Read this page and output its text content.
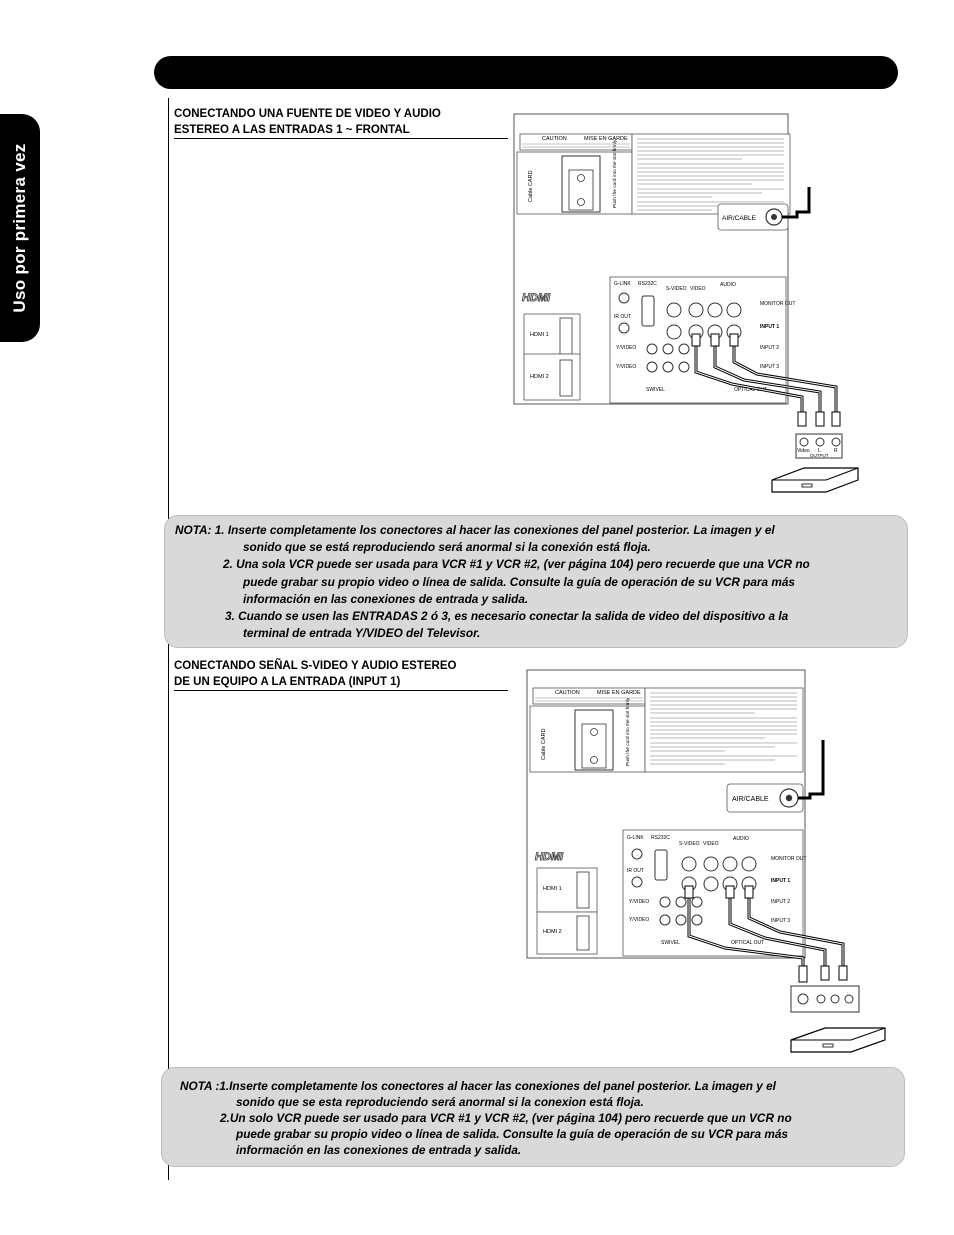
Uso por primera vez
CONECTANDO UNA FUENTE DE VIDEO Y AUDIO
ESTEREO A LAS ENTRADAS 1 ~ FRONTAL
CAUTION	MISE EN GARDE
Cable CARD	Push the card into the slot firmly
AIR/CABLE
HDMI
HDMI 1
HDMI 2
G-LINK
IR OUT
RS232C
S-VIDEO VIDEO
AUDIO
MONITOR OUT
INPUT 1
INPUT 2
INPUT 3
Y/VIDEO
Y/VIDEO
SWIVEL	OPTICAL OUT
Video L	R
OUTPUT
NOTA: 1. Inserte completamente los conectores al hacer las conexiones del panel posterior. La imagen y el
sonido que se está reproduciendo será anormal si la conexión está floja.
2. Una sola VCR puede ser usada para VCR #1 y VCR #2, (ver página 104) pero recuerde que una VCR no
puede grabar su propio video o línea de salida. Consulte la guía de operación de su VCR para más
información en las conexiones de entrada y salida.
3. Cuando se usen las ENTRADAS 2 ó 3, es necesario conectar la salida de video del dispositivo a la
terminal de entrada Y/VIDEO del Televisor.
CONECTANDO SEÑAL S-VIDEO Y AUDIO ESTEREO
DE UN EQUIPO A LA ENTRADA (INPUT 1)
CAUTION	MISE EN GARDE
Cable CARD	Push the card into the slot firmly
AIR/CABLE
HDMI
HDMI 1
HDMI 2
G-LINK
IR OUT
RS232C
S-VIDEO VIDEO
AUDIO
MONITOR OUT
INPUT 1
INPUT 2
INPUT 3
Y/VIDEO
Y/VIDEO
SWIVEL	OPTICAL OUT
NOTA :1.Inserte completamente los conectores al hacer las conexiones del panel posterior. La imagen y el
sonido que se esta reproduciendo será anormal si la conexion está floja.
2.Un solo VCR puede ser usado para VCR #1 y VCR #2, (ver página 104) pero recuerde que un VCR no
puede grabar su propio video o línea de salida. Consulte la guía de operación de su VCR para más
información en las conexiones de entrada y salida.
